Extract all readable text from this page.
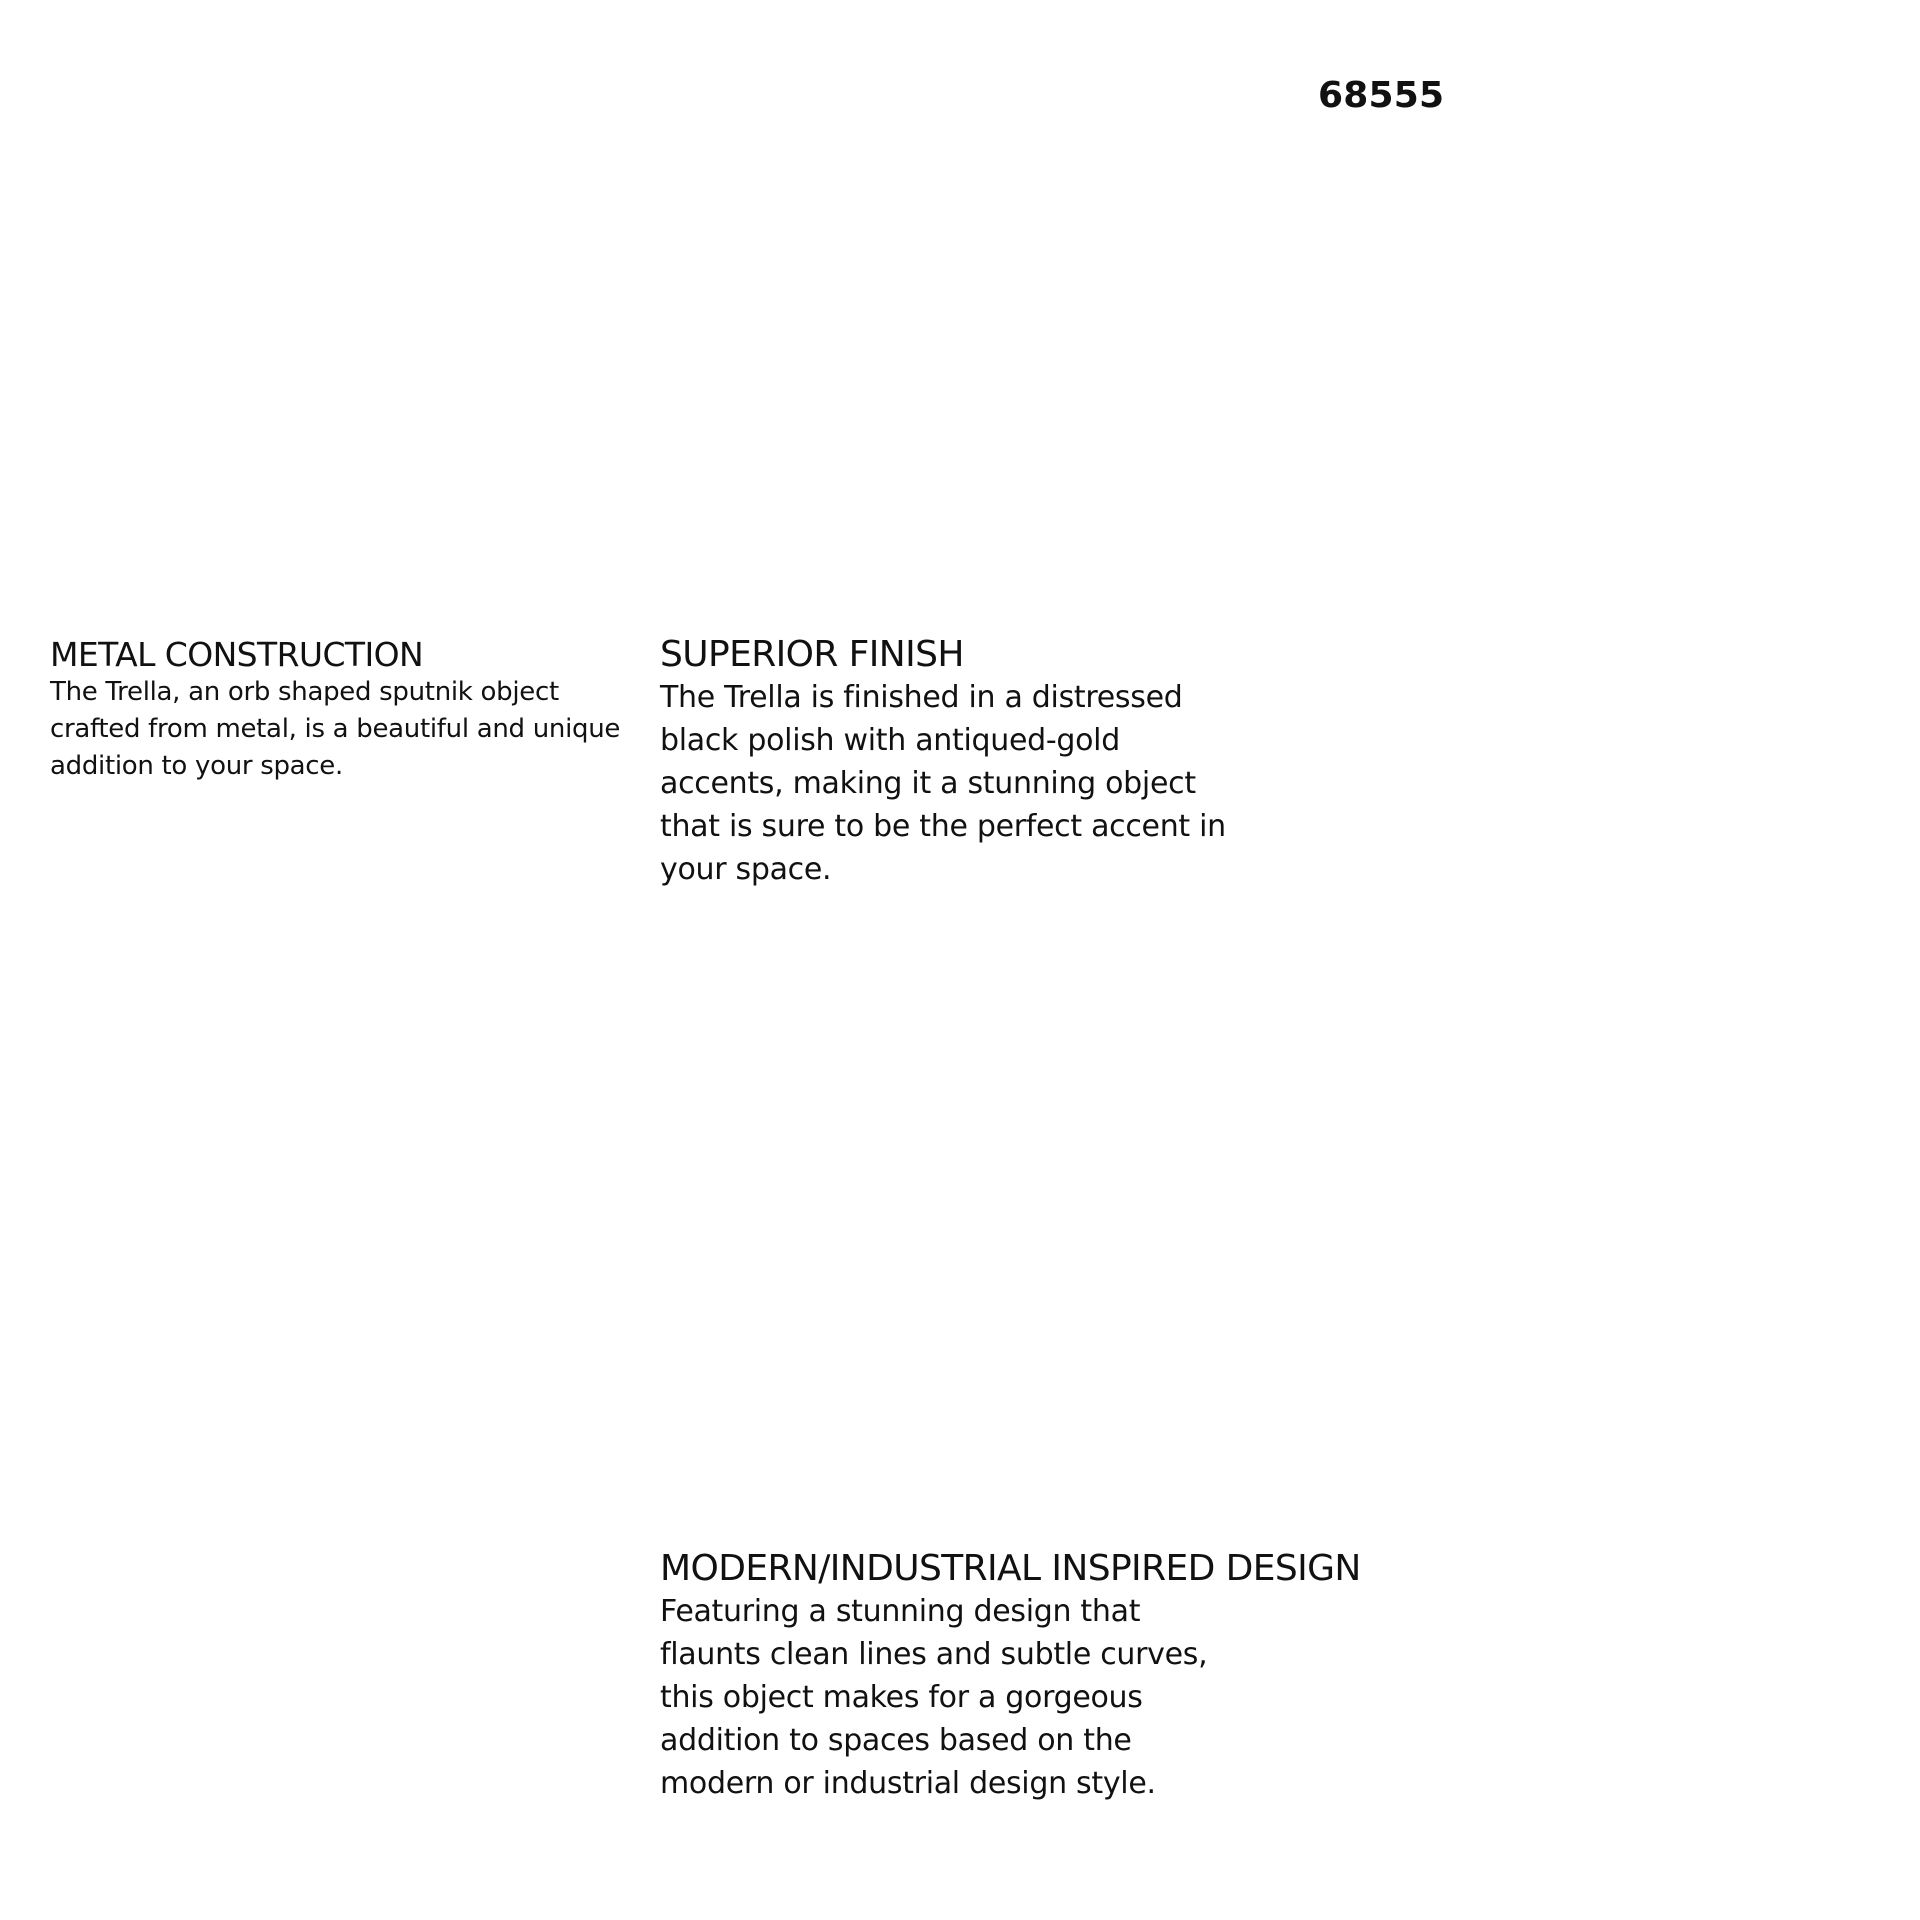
68555
METAL CONSTRUCTION

The Trella, an orb shaped sputnik object crafted from metal, is a beautiful and unique addition to your space.

SUPERIOR FINISH

The Trella is finished in a distressed black polish with antiqued-gold accents, making it a stunning object that is sure to be the perfect accent in your space.

MODERN/INDUSTRIAL INSPIRED DESIGN

Featuring a stunning design that flaunts clean lines and subtle curves, this object makes for a gorgeous addition to spaces based on the modern or industrial design style.
